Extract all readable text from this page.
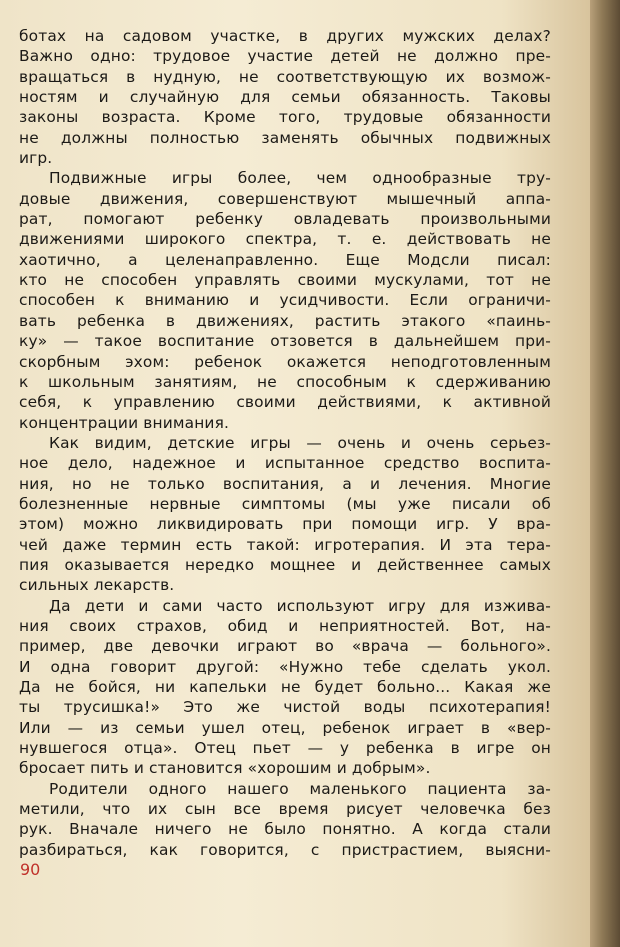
ботах на садовом участке, в других мужских делах?
Важно одно: трудовое участие детей не должно пре-
вращаться в нудную, не соответствующую их возмож-
ностям и случайную для семьи обязанность. Таковы
законы возраста. Кроме того, трудовые обязанности
не должны полностью заменять обычных подвижных
игр.
Подвижные игры более, чем однообразные тру-
довые движения, совершенствуют мышечный аппа-
рат, помогают ребенку овладевать произвольными
движениями широкого спектра, т. е. действовать не
хаотично, а целенаправленно. Еще Модсли писал:
кто не способен управлять своими мускулами, тот не
способен к вниманию и усидчивости. Если ограничи-
вать ребенка в движениях, растить этакого «паинь-
ку» — такое воспитание отзовется в дальнейшем при-
скорбным эхом: ребенок окажется неподготовленным
к школьным занятиям, не способным к сдерживанию
себя, к управлению своими действиями, к активной
концентрации внимания.
Как видим, детские игры — очень и очень серьез-
ное дело, надежное и испытанное средство воспита-
ния, но не только воспитания, а и лечения. Многие
болезненные нервные симптомы (мы уже писали об
этом) можно ликвидировать при помощи игр. У вра-
чей даже термин есть такой: игротерапия. И эта тера-
пия оказывается нередко мощнее и действеннее самых
сильных лекарств.
Да дети и сами часто используют игру для изжива-
ния своих страхов, обид и неприятностей. Вот, на-
пример, две девочки играют во «врача — больного».
И одна говорит другой: «Нужно тебе сделать укол.
Да не бойся, ни капельки не будет больно... Какая же
ты трусишка!» Это же чистой воды психотерапия!
Или — из семьи ушел отец, ребенок играет в «вер-
нувшегося отца». Отец пьет — у ребенка в игре он
бросает пить и становится «хорошим и добрым».
Родители одного нашего маленького пациента за-
метили, что их сын все время рисует человечка без
рук. Вначале ничего не было понятно. А когда стали
разбираться, как говорится, с пристрастием, выясни-
90
